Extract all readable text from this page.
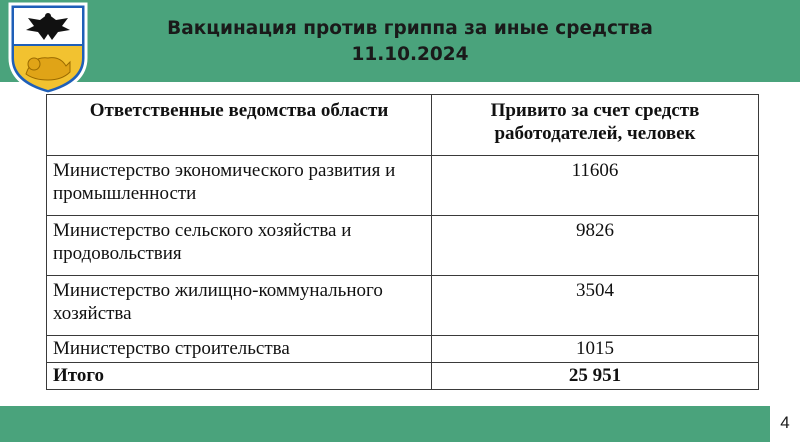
Вакцинация против гриппа за иные средства
11.10.2024
Ответственные ведомства области	Привито за счет средств работодателей, человек
Министерство экономического развития и промышленности	11606
Министерство сельского хозяйства и продовольствия	9826
Министерство жилищно-коммунального хозяйства	3504
Министерство строительства	1015
Итого	25 951
4
